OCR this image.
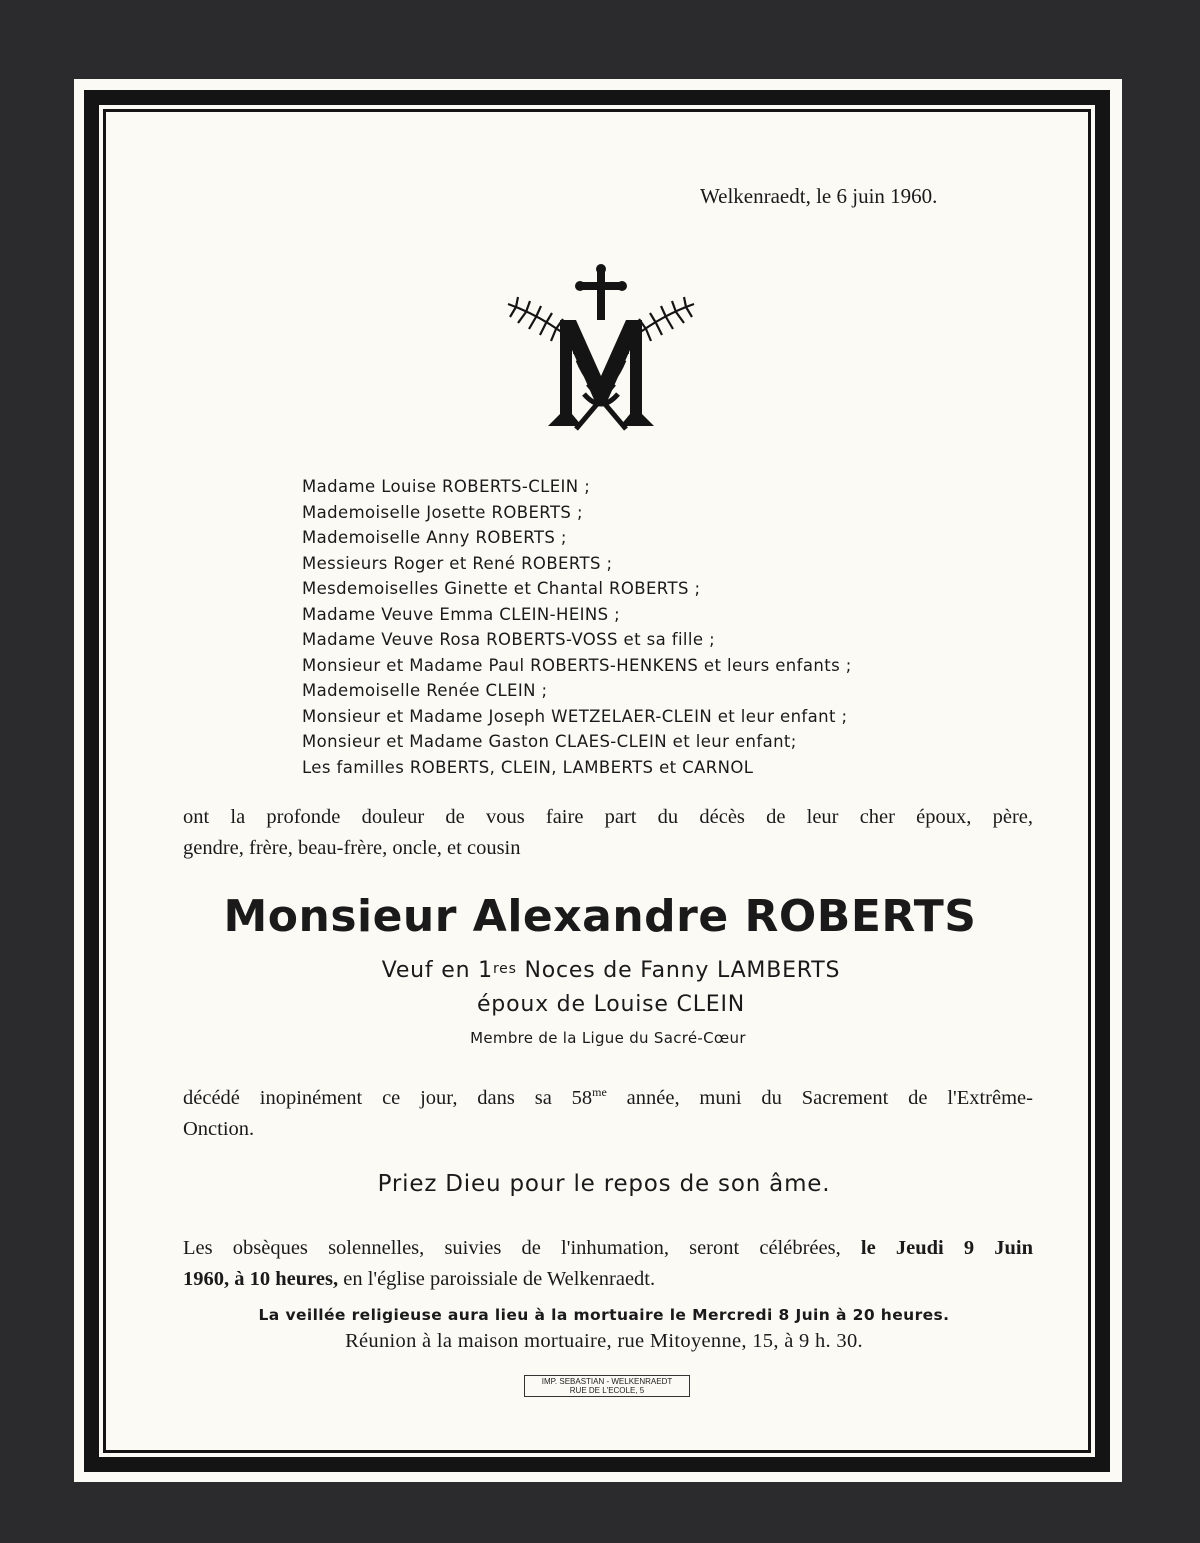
Welkenraedt, le 6 juin 1960.
Madame Louise ROBERTS-CLEIN ;
Mademoiselle Josette ROBERTS ;
Mademoiselle Anny ROBERTS ;
Messieurs Roger et René ROBERTS ;
Mesdemoiselles Ginette et Chantal ROBERTS ;
Madame Veuve Emma CLEIN-HEINS ;
Madame Veuve Rosa ROBERTS-VOSS et sa fille ;
Monsieur et Madame Paul ROBERTS-HENKENS et leurs enfants ;
Mademoiselle Renée CLEIN ;
Monsieur et Madame Joseph WETZELAER-CLEIN et leur enfant ;
Monsieur et Madame Gaston CLAES-CLEIN et leur enfant;
Les familles ROBERTS, CLEIN, LAMBERTS et CARNOL
ont la profonde douleur de vous faire part du décès de leur cher époux, père,
gendre, frère, beau-frère, oncle, et cousin
Monsieur Alexandre ROBERTS
Veuf en 1res Noces de Fanny LAMBERTS
époux de Louise CLEIN
Membre de la Ligue du Sacré-Cœur
décédé inopinément ce jour, dans sa $58^{me}$ année, muni du Sacrement de l'Extrême-
Onction.
Priez Dieu pour le repos de son âme.
Les obsèques solennelles, suivies de l'inhumation, seront célébrées, le Jeudi 9 Juin
1960, à 10 heures, en l'église paroissiale de Welkenraedt.
La veillée religieuse aura lieu à la mortuaire le Mercredi 8 Juin à 20 heures.
Réunion à la maison mortuaire, rue Mitoyenne, 15, à 9 h. 30.
IMP. SEBASTIAN - WELKENRAEDT
RUE DE L'ECOLE, 5
